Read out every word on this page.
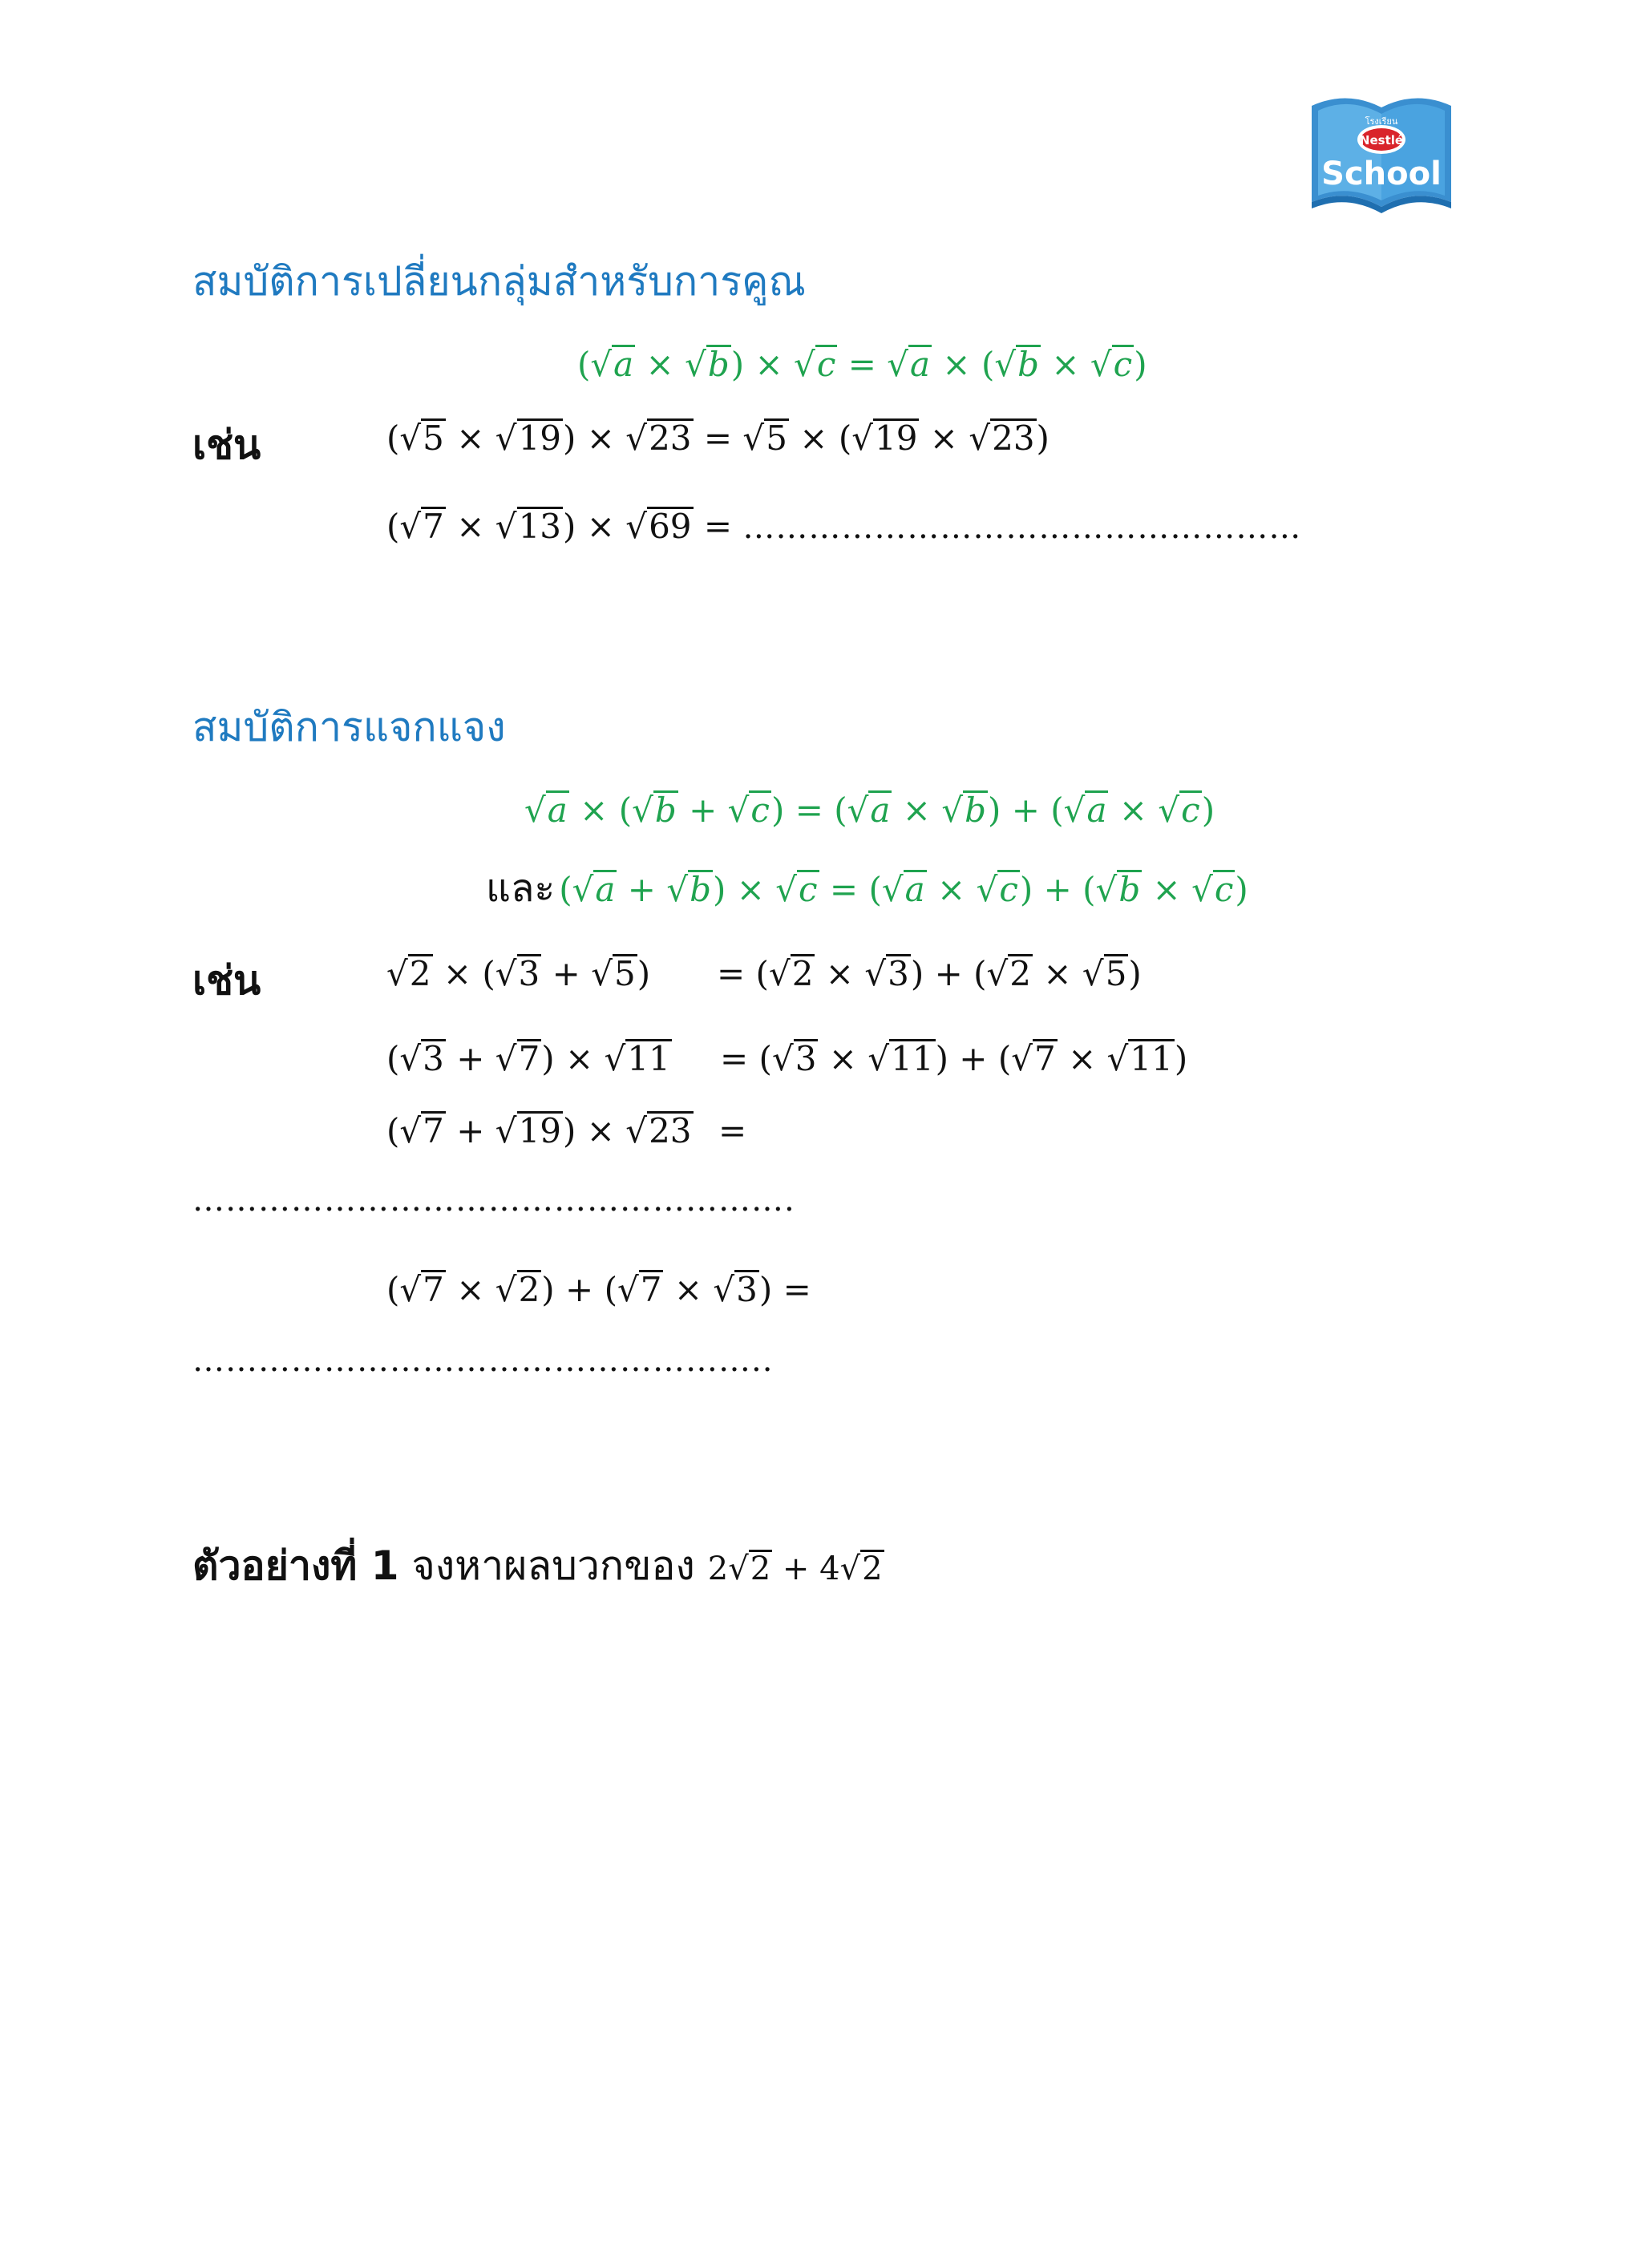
โรงเรียน
Nestlé
School
สมบัติการเปลี่ยนกลุ่มสำหรับการคูณ
(√a × √b) × √c = √a × (√b × √c)
เช่น	(√5 × √19) × √23 = √5 × (√19 × √23)
(√7 × √13) × √69 = ……………………………………………
สมบัติการแจกแจง
√a × (√b + √c) = (√a × √b) + (√a × √c)
และ (√a + √b) × √c = (√a × √c) + (√b × √c)
เช่น	√2 × (√3 + √5) = (√2 × √3) + (√2 × √5)
(√3 + √7) × √11 = (√3 × √11) + (√7 × √11)
(√7 + √19) × √23 =
……………………………………………….
(√7 × √2) + (√7 × √3) =
……………………………………………..
ตัวอย่างที่ 1 จงหาผลบวกของ 2√2 + 4√2
